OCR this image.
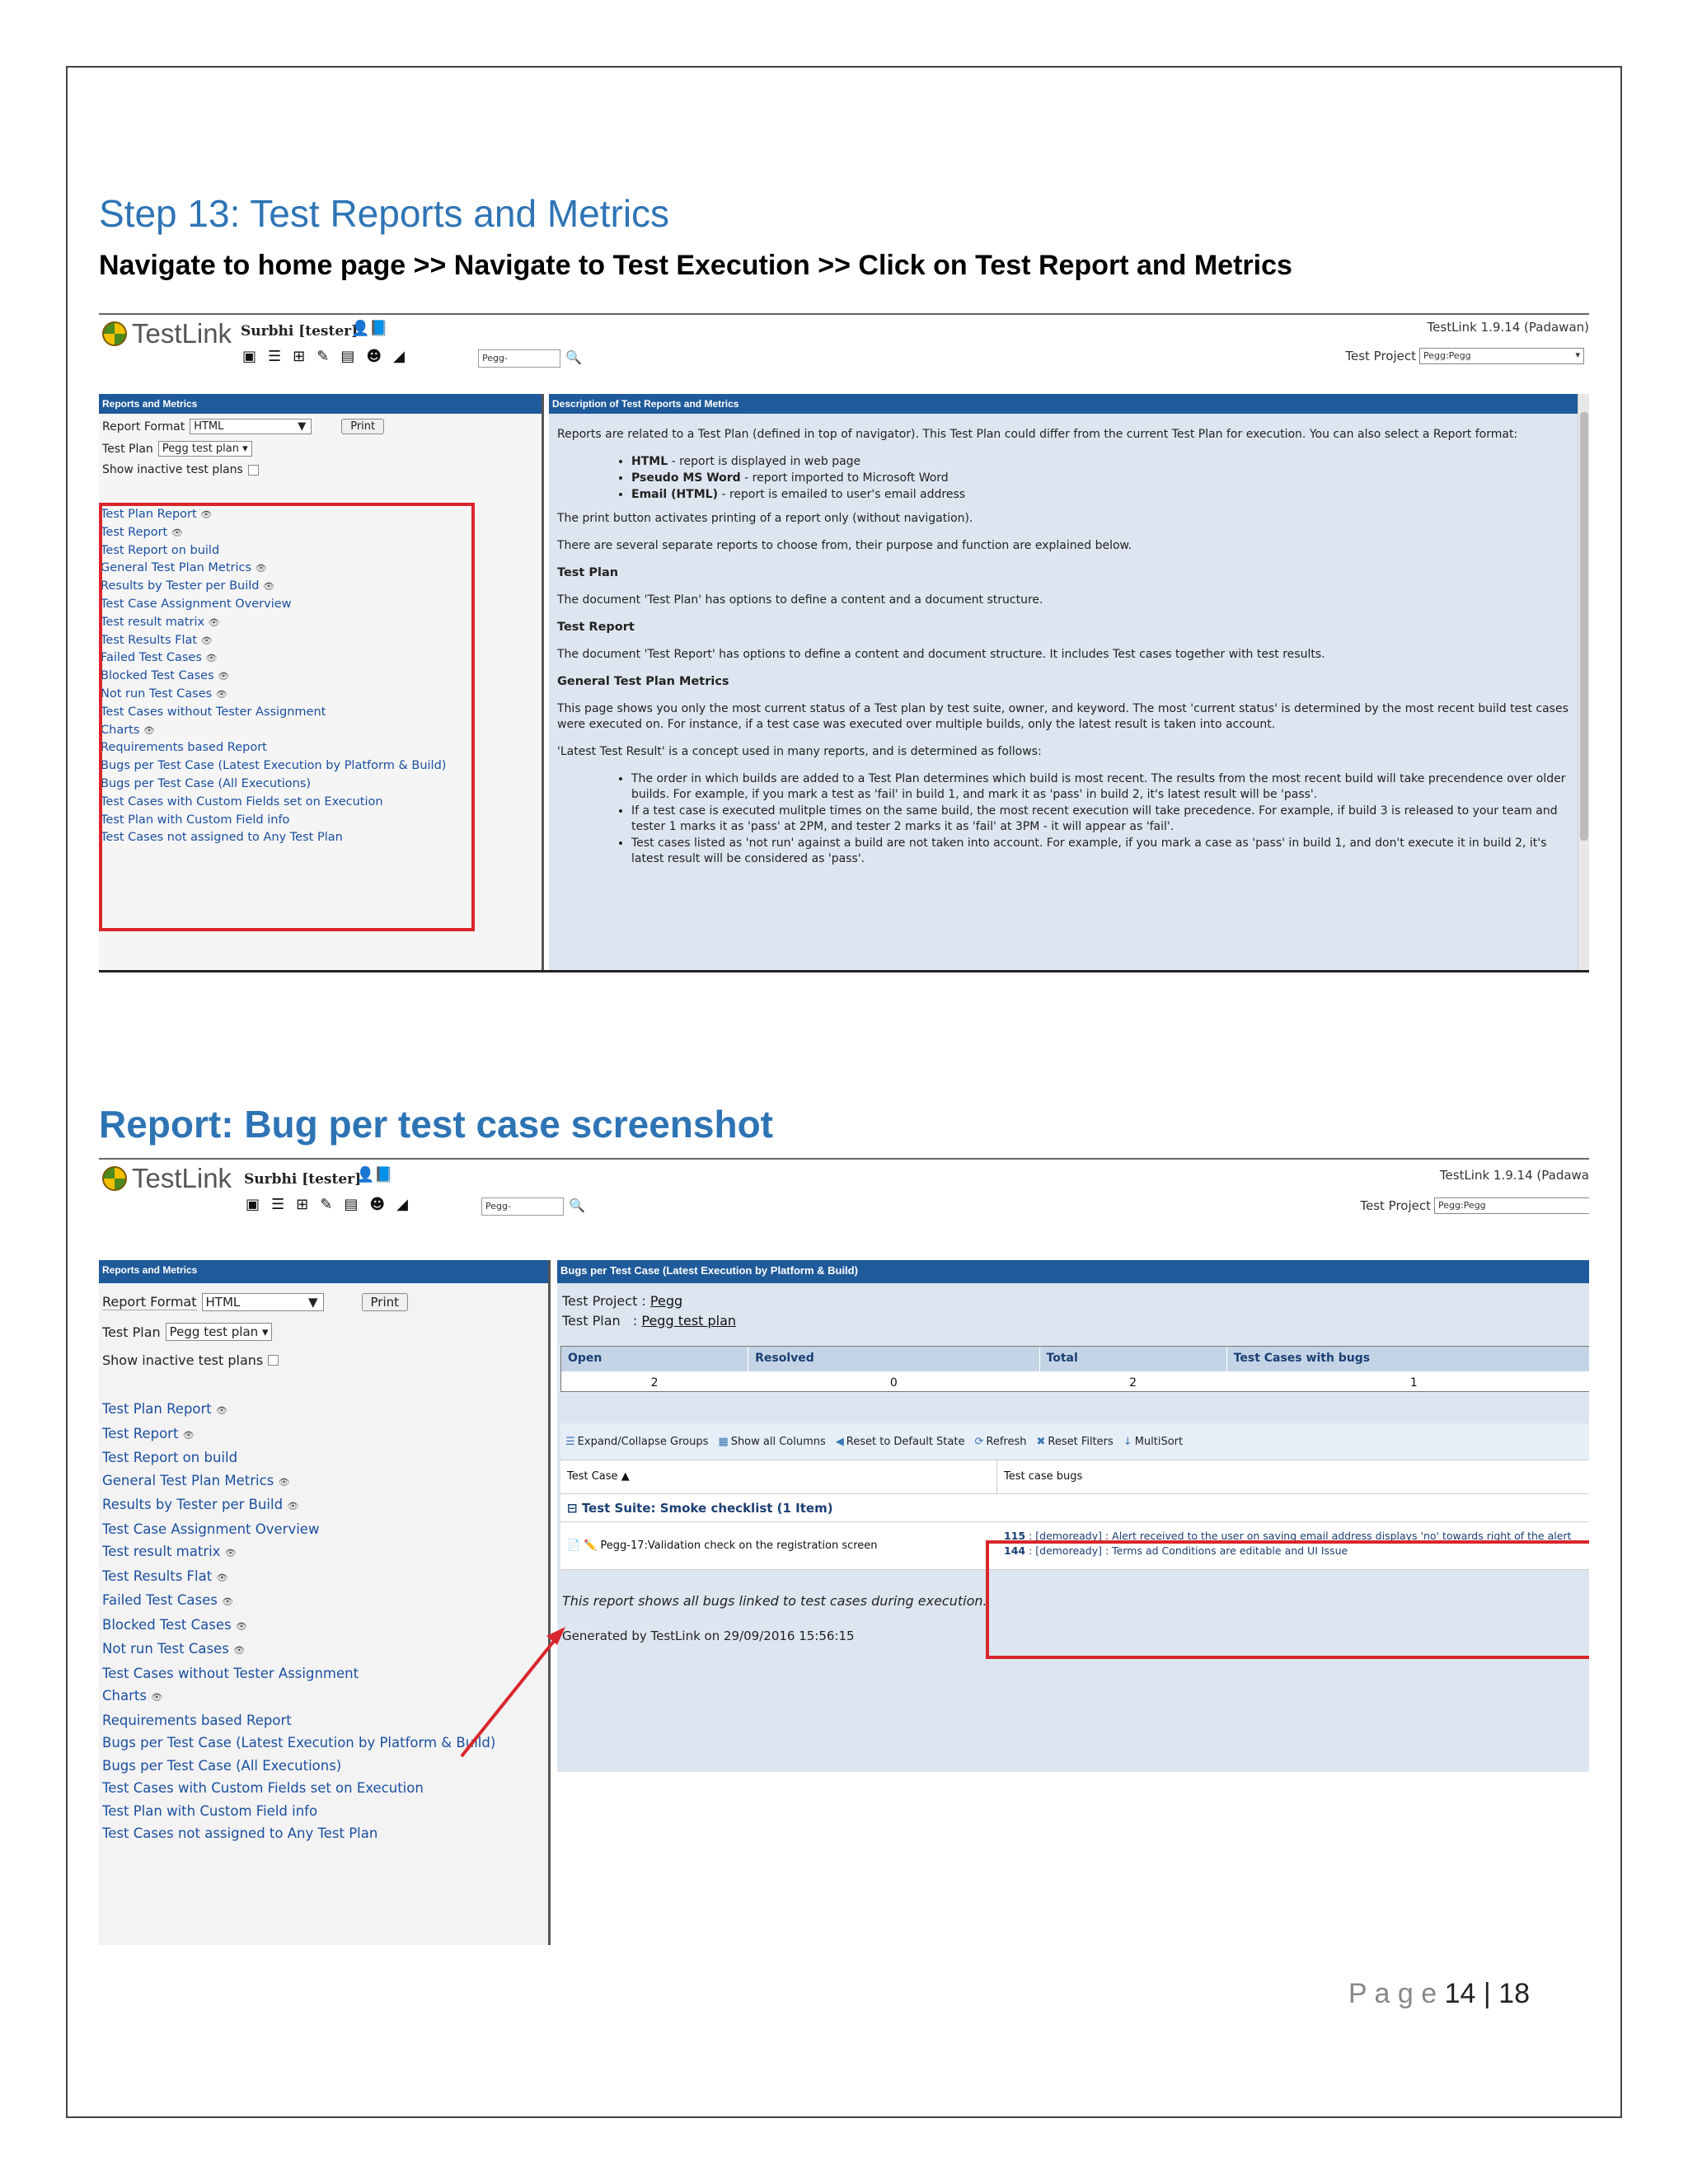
Step 13: Test Reports and Metrics
Navigate to home page >> Navigate to Test Execution >> Click on Test Report and Metrics
TestLink Surbhi [tester]
👤📘
▣ ☰ ⊞ ✎ ▤ ☻ ◢	Pegg-	🔍
TestLink 1.9.14 (Padawan)
Test Project Pegg:Pegg ▾
Reports and Metrics
Report Format HTML	▼	Print
Test Plan Pegg test plan ▾
Show inactive test plans
Test Plan Report 👁
Test Report 👁
Test Report on build
General Test Plan Metrics 👁
Results by Tester per Build 👁
Test Case Assignment Overview
Test result matrix 👁
Test Results Flat 👁
Failed Test Cases 👁
Blocked Test Cases 👁
Not run Test Cases 👁
Test Cases without Tester Assignment
Charts 👁
Requirements based Report
Bugs per Test Case (Latest Execution by Platform & Build)
Bugs per Test Case (All Executions)
Test Cases with Custom Fields set on Execution
Test Plan with Custom Field info
Test Cases not assigned to Any Test Plan
Description of Test Reports and Metrics

Reports are related to a Test Plan (defined in top of navigator). This Test Plan could differ from the current Test Plan for execution. You can also select a Report format:

• HTML - report is displayed in web page
• Pseudo MS Word - report imported to Microsoft Word
• Email (HTML) - report is emailed to user's email address

The print button activates printing of a report only (without navigation).

There are several separate reports to choose from, their purpose and function are explained below.

Test Plan

The document 'Test Plan' has options to define a content and a document structure.

Test Report

The document 'Test Report' has options to define a content and document structure. It includes Test cases together with test results.

General Test Plan Metrics

This page shows you only the most current status of a Test plan by test suite, owner, and keyword. The most 'current status' is determined by the most recent build test cases were executed on. For instance, if a test case was executed over multiple builds, only the latest result is taken into account.

'Latest Test Result' is a concept used in many reports, and is determined as follows:

• The order in which builds are added to a Test Plan determines which build is most recent. The results from the most recent build will take precendence over older builds. For example, if you mark a test as 'fail' in build 1, and mark it as 'pass' in build 2, it's latest result will be 'pass'.
• If a test case is executed mulitple times on the same build, the most recent execution will take precedence. For example, if build 3 is released to your team and tester 1 marks it as 'pass' at 2PM, and tester 2 marks it as 'fail' at 3PM - it will appear as 'fail'.
• Test cases listed as 'not run' against a build are not taken into account. For example, if you mark a case as 'pass' in build 1, and don't execute it in build 2, it's latest result will be considered as 'pass'.
Report: Bug per test case screenshot
TestLink Surbhi [tester]
👤📘
▣ ☰ ⊞ ✎ ▤ ☻ ◢	Pegg-	🔍
TestLink 1.9.14 (Padawa
Test Project Pegg:Pegg ▾
Reports and Metrics
Report Format HTML	▼	Print
Test Plan Pegg test plan ▾
Show inactive test plans
Test Plan Report 👁
Test Report 👁
Test Report on build
General Test Plan Metrics 👁
Results by Tester per Build 👁
Test Case Assignment Overview
Test result matrix 👁
Test Results Flat 👁
Failed Test Cases 👁
Blocked Test Cases 👁
Not run Test Cases 👁
Test Cases without Tester Assignment
Charts 👁
Requirements based Report
Bugs per Test Case (Latest Execution by Platform & Build)
Bugs per Test Case (All Executions)
Test Cases with Custom Fields set on Execution
Test Plan with Custom Field info
Test Cases not assigned to Any Test Plan
Bugs per Test Case (Latest Execution by Platform & Build)
Test Project : Pegg
Test Plan   : Pegg test plan
Open	Resolved	Total	Test Cases with bugs
2	0	2	1
☰ Expand/Collapse Groups ▦ Show all Columns ◀ Reset to Default State ⟳ Refresh ✖ Reset Filters ↓ MultiSort
Test Case ▲	Test case bugs
⊟ Test Suite: Smoke checklist (1 Item)
📄 ✏️ Pegg-17:Validation check on the registration screen
115 : [demoready] : Alert received to the user on saving email address displays 'no' towards right of the alert
144 : [demoready] : Terms ad Conditions are editable and UI Issue
This report shows all bugs linked to test cases during execution.
Generated by TestLink on 29/09/2016 15:56:15
P a g e 14 | 18
